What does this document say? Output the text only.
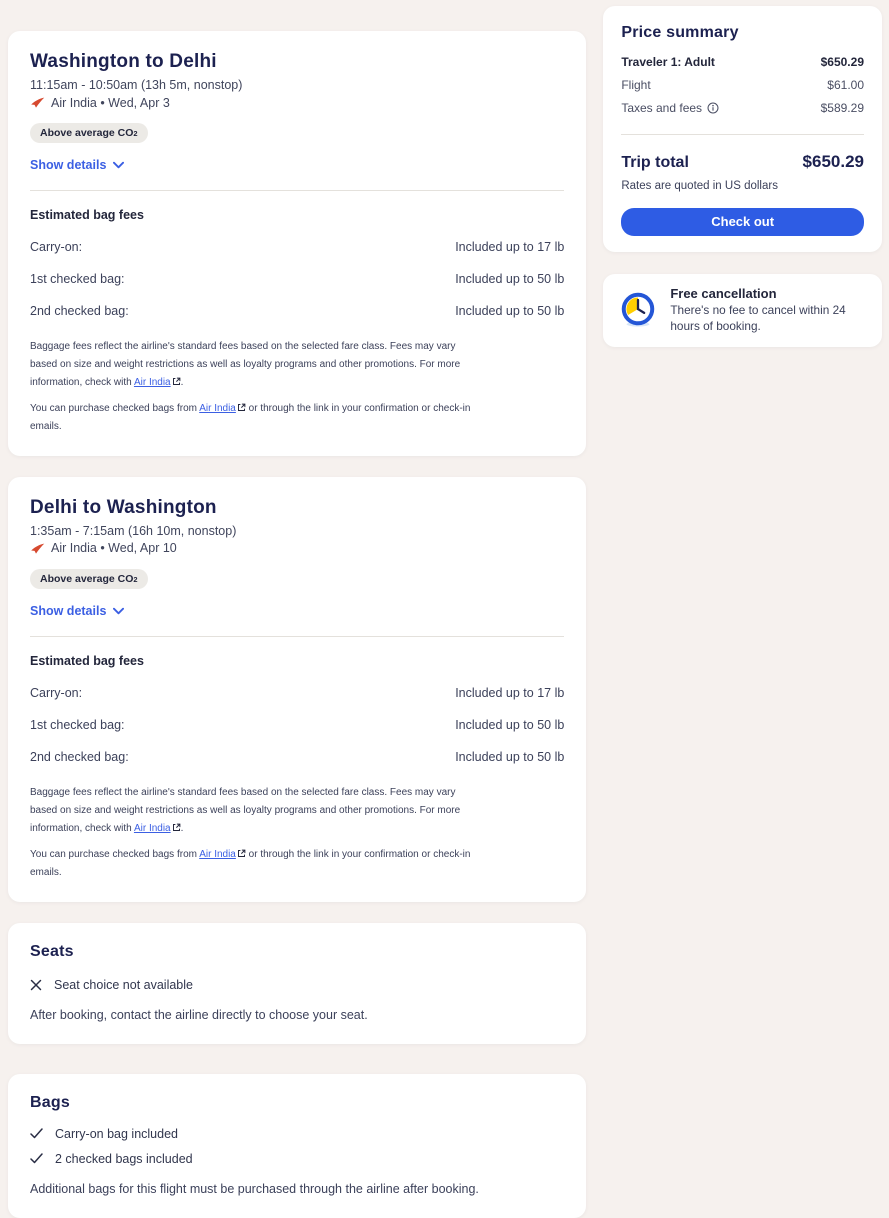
Washington to Delhi

11:15am - 10:50am (13h 5m, nonstop)

Air India • Wed, Apr 3

Above average CO 2

Show details
Estimated bag fees
Carry-on:	Included up to 17 lb
1st checked bag:	Included up to 50 lb
2nd checked bag:	Included up to 50 lb

Baggage fees reflect the airline's standard fees based on the selected fare class. Fees may vary based on size and weight restrictions as well as loyalty programs and other promotions. For more information, check with Air India .

You can purchase checked bags from Air India
or through the link in your confirmation or check-in emails.

Delhi to Washington

1:35am - 7:15am (16h 10m, nonstop)

Air India • Wed, Apr 10

Above average CO 2

Show details
Estimated bag fees
Carry-on:	Included up to 17 lb
1st checked bag:	Included up to 50 lb
2nd checked bag:	Included up to 50 lb

Baggage fees reflect the airline's standard fees based on the selected fare class. Fees may vary based on size and weight restrictions as well as loyalty programs and other promotions. For more information, check with Air India .

You can purchase checked bags from Air India
or through the link in your confirmation or check-in emails.

Seats
Seat choice not available

After booking, contact the airline directly to choose your seat.

Bags
Carry-on bag included
2 checked bags included

Additional bags for this flight must be purchased through the airline after booking.

Price summary
Traveler 1: Adult	$650.29
Flight	$61.00
Taxes and fees	$589.29
Trip total	$650.29

Rates are quoted in US dollars

Check out

Free cancellation

There's no fee to cancel within 24 hours of booking.
